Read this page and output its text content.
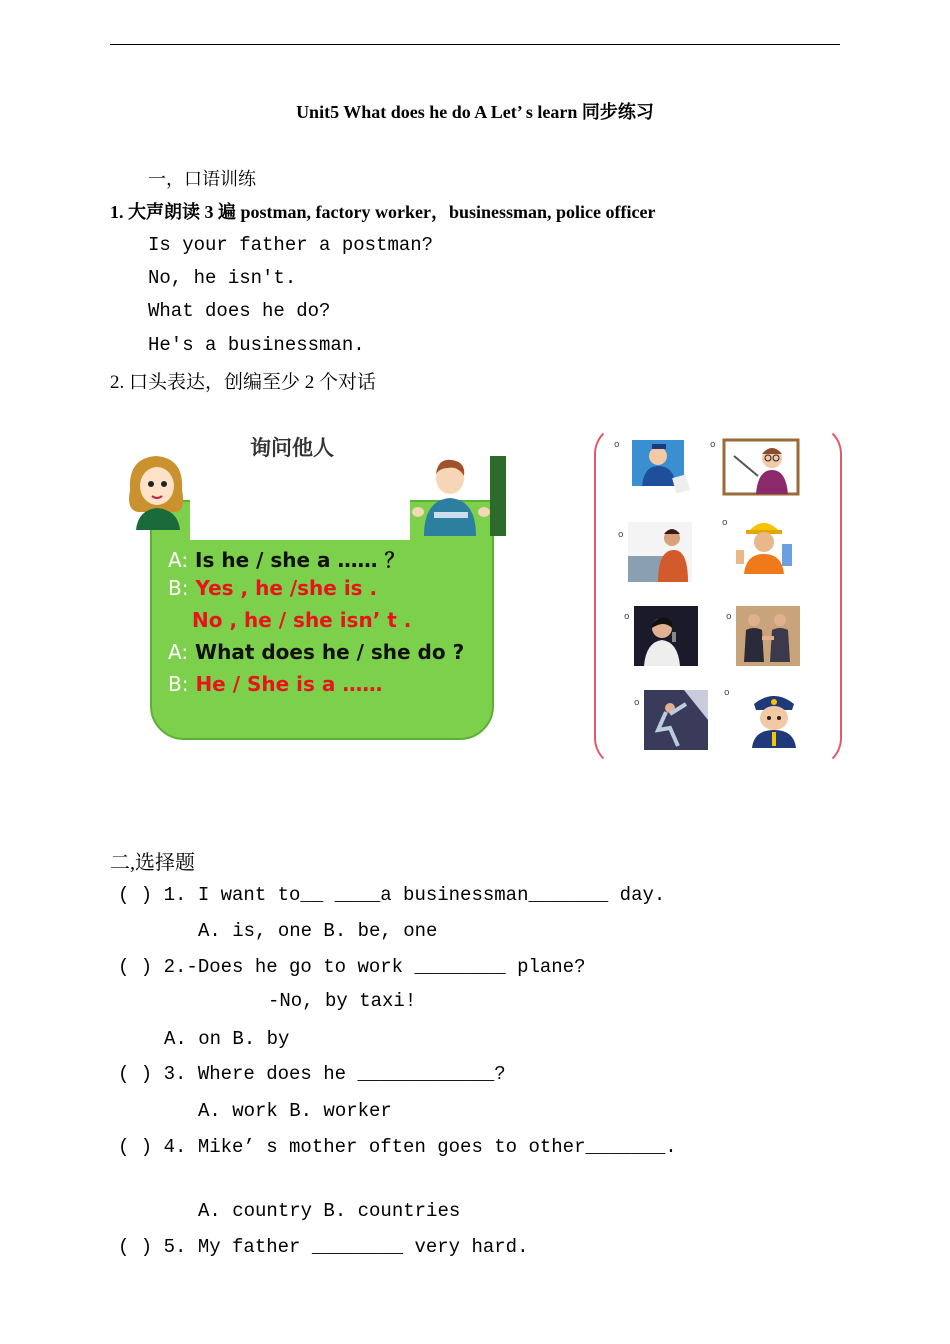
Unit5 What does he do A Let’ s learn 同步练习
一，口语训练
1. 大声朗读 3 遍 postman, factory worker，businessman, police officer
Is your father a postman?
No, he isn't.
What does he do?
He's a businessman.
2. 口头表达，创编至少 2 个对话
询问他人
A: Is he / she a …… ？
B: Yes , he /she is .
No , he / she isn’ t .
A: What does he / she do ?
B: He / She is a ……
o	o
o
o
o	o
o
o
二,选择题
( ) 1. I want to__ ____a businessman_______ day.
A. is, one B. be, one
( ) 2.-Does he go to work ________ plane?
-No, by taxi!
A. on B. by
( ) 3. Where does he ____________?
A. work B. worker
( ) 4. Mike’ s mother often goes to other_______.
A. country B. countries
( ) 5. My father ________ very hard.
